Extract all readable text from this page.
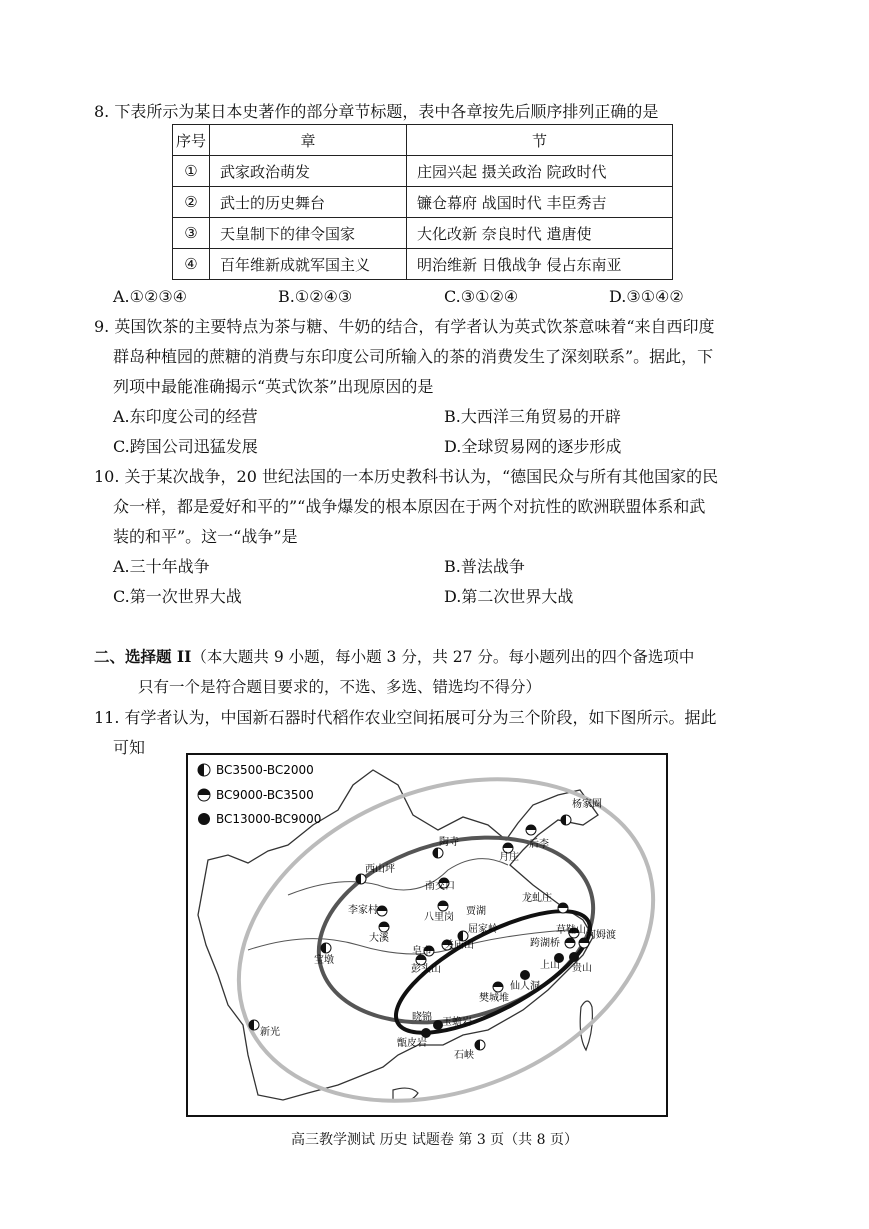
8. 下表所示为某日本史著作的部分章节标题，表中各章按先后顺序排列正确的是
序号	章	节
①	武家政治萌发	庄园兴起 摄关政治 院政时代
②	武士的历史舞台	镰仓幕府 战国时代 丰臣秀吉
③	天皇制下的律令国家	大化改新 奈良时代 遣唐使
④	百年维新成就军国主义	明治维新 日俄战争 侵占东南亚
A.①②③④	B.①②④③	C.③①②④	D.③①④②
9. 英国饮茶的主要特点为茶与糖、牛奶的结合，有学者认为英式饮茶意味着“来自西印度
群岛种植园的蔗糖的消费与东印度公司所输入的茶的消费发生了深刻联系”。据此，下
列项中最能准确揭示“英式饮茶”出现原因的是
A.东印度公司的经营	B.大西洋三角贸易的开辟
C.跨国公司迅猛发展	D.全球贸易网的逐步形成
10. 关于某次战争，20 世纪法国的一本历史教科书认为，“德国民众与所有其他国家的民
众一样，都是爱好和平的”“战争爆发的根本原因在于两个对抗性的欧洲联盟体系和武
装的和平”。这一“战争”是
A.三十年战争	B.普法战争
C.第一次世界大战	D.第二次世界大战
二、选择题 II（本大题共 9 小题，每小题 3 分，共 27 分。每小题列出的四个备选项中
只有一个是符合题目要求的，不选、多选、错选均不得分）
11. 有学者认为，中国新石器时代稻作农业空间拓展可分为三个阶段，如下图所示。据此
可知
BC3500-BC2000
BC9000-BC3500
BC13000-BC9000
杨家圈
陶寺	后李
月庄
西山坪
南交口
龙虬庄
李家村
八里岗
贾湖
屈家岭
大溪
关庙山
草鞋山 河姆渡
宝墩
皂市
跨湖桥
彭头山	上山
仙人洞
贵山
樊城堆
新光
晓锦 玉蟾岩
甑皮岩
石峡
高三教学测试 历史 试题卷 第 3 页（共 8 页）
